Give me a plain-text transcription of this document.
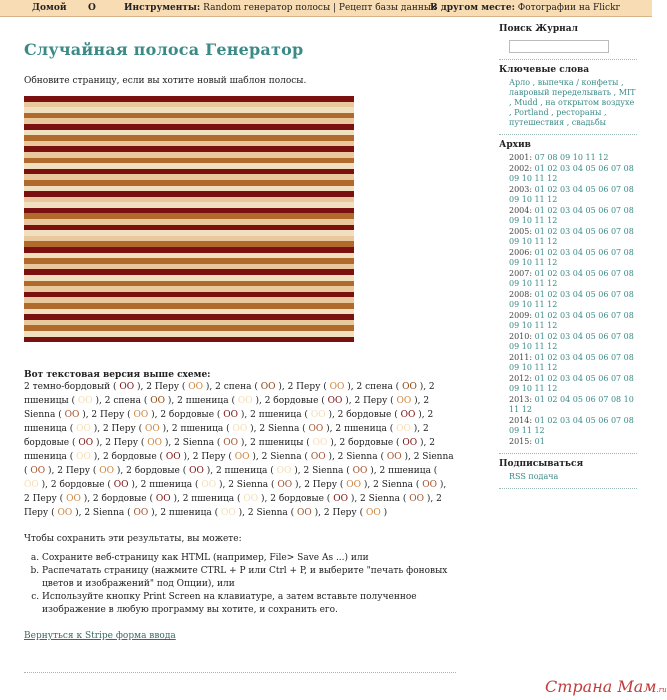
Домой О	Инструменты: Random генератор полосы | Рецепт базы данных
В другом месте: Фотографии на Flickr
Случайная полоса Генератор
Обновите страницу, если вы хотите новый шаблон полосы.
Вот текстовая версия выше схеме:
2 темно-бордовый ( OO ), 2 Перу ( OO ), 2 спена ( OO ), 2 Перу ( OO ), 2 спена ( OO ), 2 пшеницы ( OO ), 2 спена ( OO ), 2 пшеница ( OO ), 2 бордовые ( OO ), 2 Перу ( OO ), 2 Sienna ( OO ), 2 Перу ( OO ), 2 бордовые ( OO ), 2 пшеница ( OO ), 2 бордовые ( OO ), 2 пшеница ( OO ), 2 Перу ( OO ), 2 пшеница ( OO ), 2 Sienna ( OO ), 2 пшеница ( OO ), 2 бордовые ( OO ), 2 Перу ( OO ), 2 Sienna ( OO ), 2 пшеницы ( OO ), 2 бордовые ( OO ), 2 пшеница ( OO ), 2 бордовые ( OO ), 2 Перу ( OO ), 2 Sienna ( OO ), 2 Sienna ( OO ), 2 Sienna ( OO ), 2 Перу ( OO ), 2 бордовые ( OO ), 2 пшеница ( OO ), 2 Sienna ( OO ), 2 пшеница ( OO ), 2 бордовые ( OO ), 2 пшеница ( OO ), 2 Sienna ( OO ), 2 Перу ( OO ), 2 Sienna ( OO ), 2 Перу ( OO ), 2 бордовые ( OO ), 2 пшеница ( OO ), 2 бордовые ( OO ), 2 Sienna ( OO ), 2 Перу ( OO ), 2 Sienna ( OO ), 2 пшеница ( OO ), 2 Sienna ( OO ), 2 Перу ( OO )
Чтобы сохранить эти результаты, вы можете:
a. Сохраните веб-страницу как HTML (например, File> Save As ...) или
b. Распечатать страницу (нажмите CTRL + P или Ctrl + P, и выберите "печать фоновых цветов и изображений" под Опции), или
c. Используйте кнопку Print Screen на клавиатуре, а затем вставьте полученное изображение в любую программу вы хотите, и сохранить его.
Вернуться к Stripe форма ввода
Поиск Журнал
Ключевые слова
Арло , выпечка / конфеты , лавровый переделывать , MIT , Mudd , на открытом воздухе , Portland , рестораны , путешествия , свадьбы
Архив
2001: 07 08 09 10 11 12
2002: 01 02 03 04 05 06 07 08 09 10 11 12
2003: 01 02 03 04 05 06 07 08 09 10 11 12
2004: 01 02 03 04 05 06 07 08 09 10 11 12
2005: 01 02 03 04 05 06 07 08 09 10 11 12
2006: 01 02 03 04 05 06 07 08 09 10 11 12
2007: 01 02 03 04 05 06 07 08 09 10 11 12
2008: 01 02 03 04 05 06 07 08 09 10 11 12
2009: 01 02 03 04 05 06 07 08 09 10 11 12
2010: 01 02 03 04 05 06 07 08 09 10 11 12
2011: 01 02 03 04 05 06 07 08 09 10 11 12
2012: 01 02 03 04 05 06 07 08 09 10 11 12
2013: 01 02 04 05 06 07 08 10 11 12
2014: 01 02 03 04 05 06 07 08 09 11 12
2015: 01
Подписываться
RSS подача
Страна Мам.ru
